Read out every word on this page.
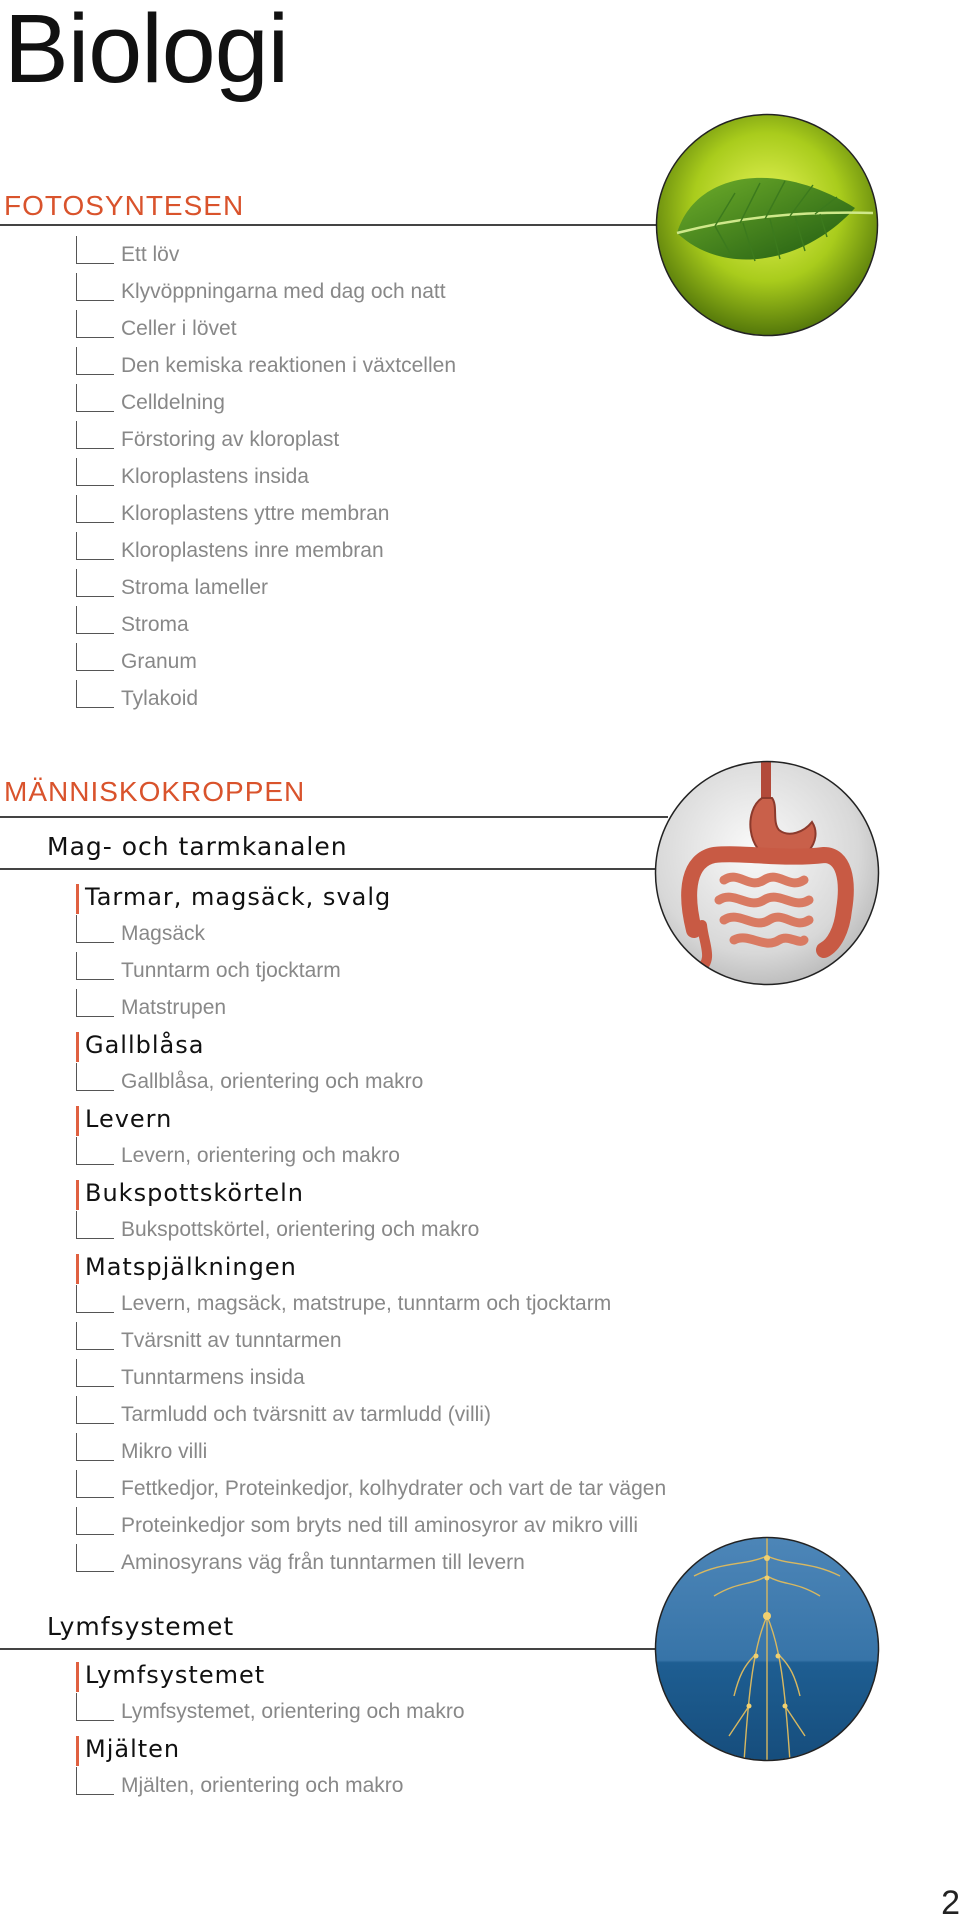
Biologi
FOTOSYNTESEN
Ett löv
Klyvöppningarna med dag och natt
Celler i lövet
Den kemiska reaktionen i växtcellen
Celldelning
Förstoring av kloroplast
Kloroplastens insida
Kloroplastens yttre membran
Kloroplastens inre membran
Stroma lameller
Stroma
Granum
Tylakoid
MÄNNISKOKROPPEN
Mag- och tarmkanalen
Tarmar, magsäck, svalg
Magsäck
Tunntarm och tjocktarm
Matstrupen
Gallblåsa
Gallblåsa, orientering och makro
Levern
Levern, orientering och makro
Bukspottskörteln
Bukspottskörtel, orientering och makro
Matspjälkningen
Levern, magsäck, matstrupe, tunntarm och tjocktarm
Tvärsnitt av tunntarmen
Tunntarmens insida
Tarmludd och tvärsnitt av tarmludd (villi)
Mikro villi
Fettkedjor, Proteinkedjor, kolhydrater och vart de tar vägen
Proteinkedjor som bryts ned till aminosyror av mikro villi
Aminosyrans väg från tunntarmen till levern
Lymfsystemet
Lymfsystemet
Lymfsystemet, orientering och makro
Mjälten
Mjälten, orientering och makro
2
